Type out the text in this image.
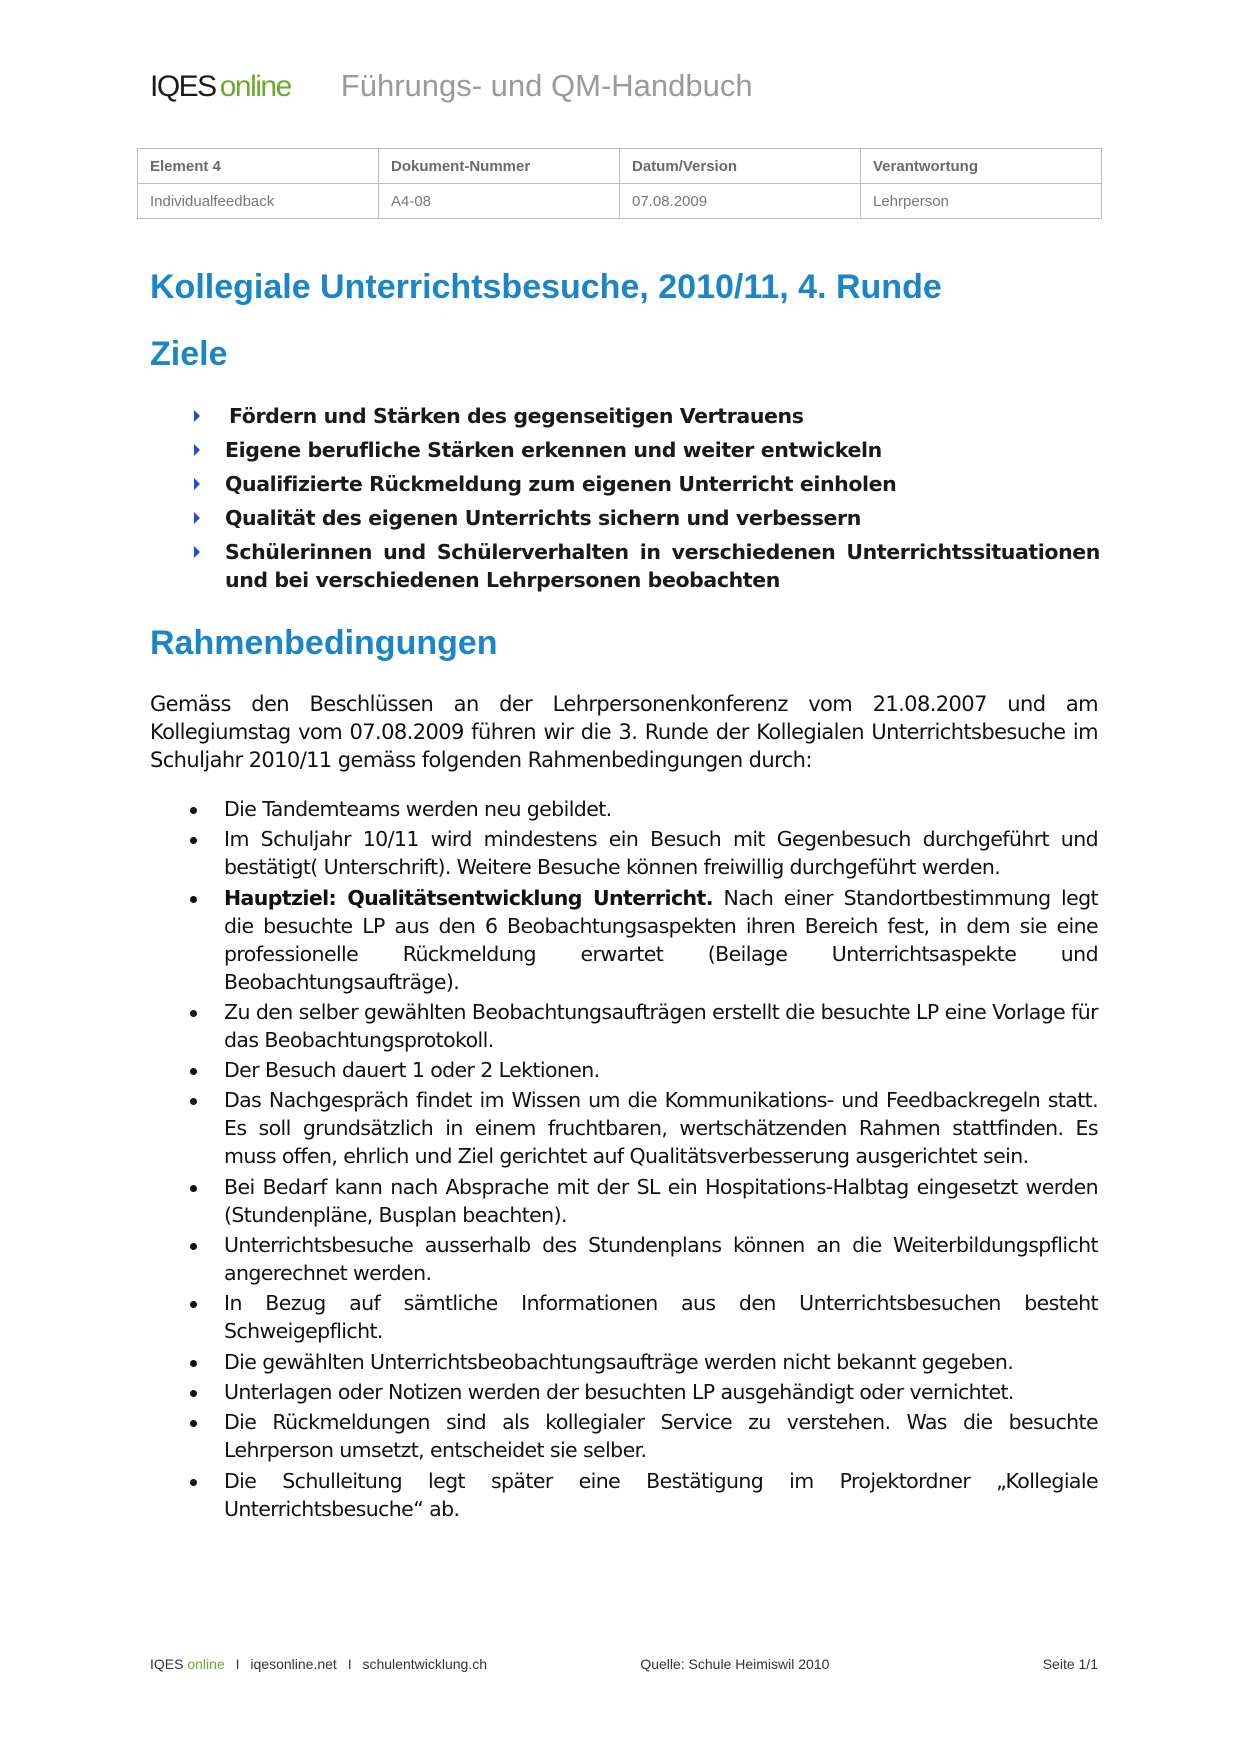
IQES online Führungs- und QM-Handbuch
Element 4	Dokument-Nummer	Datum/Version	Verantwortung
Individualfeedback	A4-08	07.08.2009	Lehrperson
Kollegiale Unterrichtsbesuche, 2010/11, 4. Runde
Ziele
Fördern und Stärken des gegenseitigen Vertrauens
Eigene berufliche Stärken erkennen und weiter entwickeln
Qualifizierte Rückmeldung zum eigenen Unterricht einholen
Qualität des eigenen Unterrichts sichern und verbessern
Schülerinnen und Schülerverhalten in verschiedenen Unterrichtssituationen und bei verschiedenen Lehrpersonen beobachten
Rahmenbedingungen

Gemäss den Beschlüssen an der Lehrpersonenkonferenz vom 21.08.2007 und am Kollegiumstag vom 07.08.2009 führen wir die 3. Runde der Kollegialen Unterrichtsbesuche im Schuljahr 2010/11 gemäss folgenden Rahmenbedingungen durch:

Die Tandemteams werden neu gebildet.
Im Schuljahr 10/11 wird mindestens ein Besuch mit Gegenbesuch durchgeführt und bestätigt( Unterschrift). Weitere Besuche können freiwillig durchgeführt werden.
Hauptziel: Qualitätsentwicklung Unterricht. Nach einer Standortbestimmung legt die besuchte LP aus den 6 Beobachtungsaspekten ihren Bereich fest, in dem sie eine professionelle Rückmeldung erwartet (Beilage Unterrichtsaspekte und Beobachtungsaufträge).
Zu den selber gewählten Beobachtungsaufträgen erstellt die besuchte LP eine Vorlage für das Beobachtungsprotokoll.
Der Besuch dauert 1 oder 2 Lektionen.
Das Nachgespräch findet im Wissen um die Kommunikations- und Feedbackregeln statt. Es soll grundsätzlich in einem fruchtbaren, wertschätzenden Rahmen stattfinden. Es muss offen, ehrlich und Ziel gerichtet auf Qualitätsverbesserung ausgerichtet sein.
Bei Bedarf kann nach Absprache mit der SL ein Hospitations-Halbtag eingesetzt werden (Stundenpläne, Busplan beachten).
Unterrichtsbesuche ausserhalb des Stundenplans können an die Weiterbildungspflicht angerechnet werden.
In Bezug auf sämtliche Informationen aus den Unterrichtsbesuchen besteht Schweigepflicht.
Die gewählten Unterrichtsbeobachtungsaufträge werden nicht bekannt gegeben.
Unterlagen oder Notizen werden der besuchten LP ausgehändigt oder vernichtet.
Die Rückmeldungen sind als kollegialer Service zu verstehen. Was die besuchte Lehrperson umsetzt, entscheidet sie selber.
Die Schulleitung legt später eine Bestätigung im Projektordner „Kollegiale Unterrichtsbesuche“ ab.
IQES online I iqesonline.net I schulentwicklung.ch	Quelle: Schule Heimiswil 2010	Seite 1/1
